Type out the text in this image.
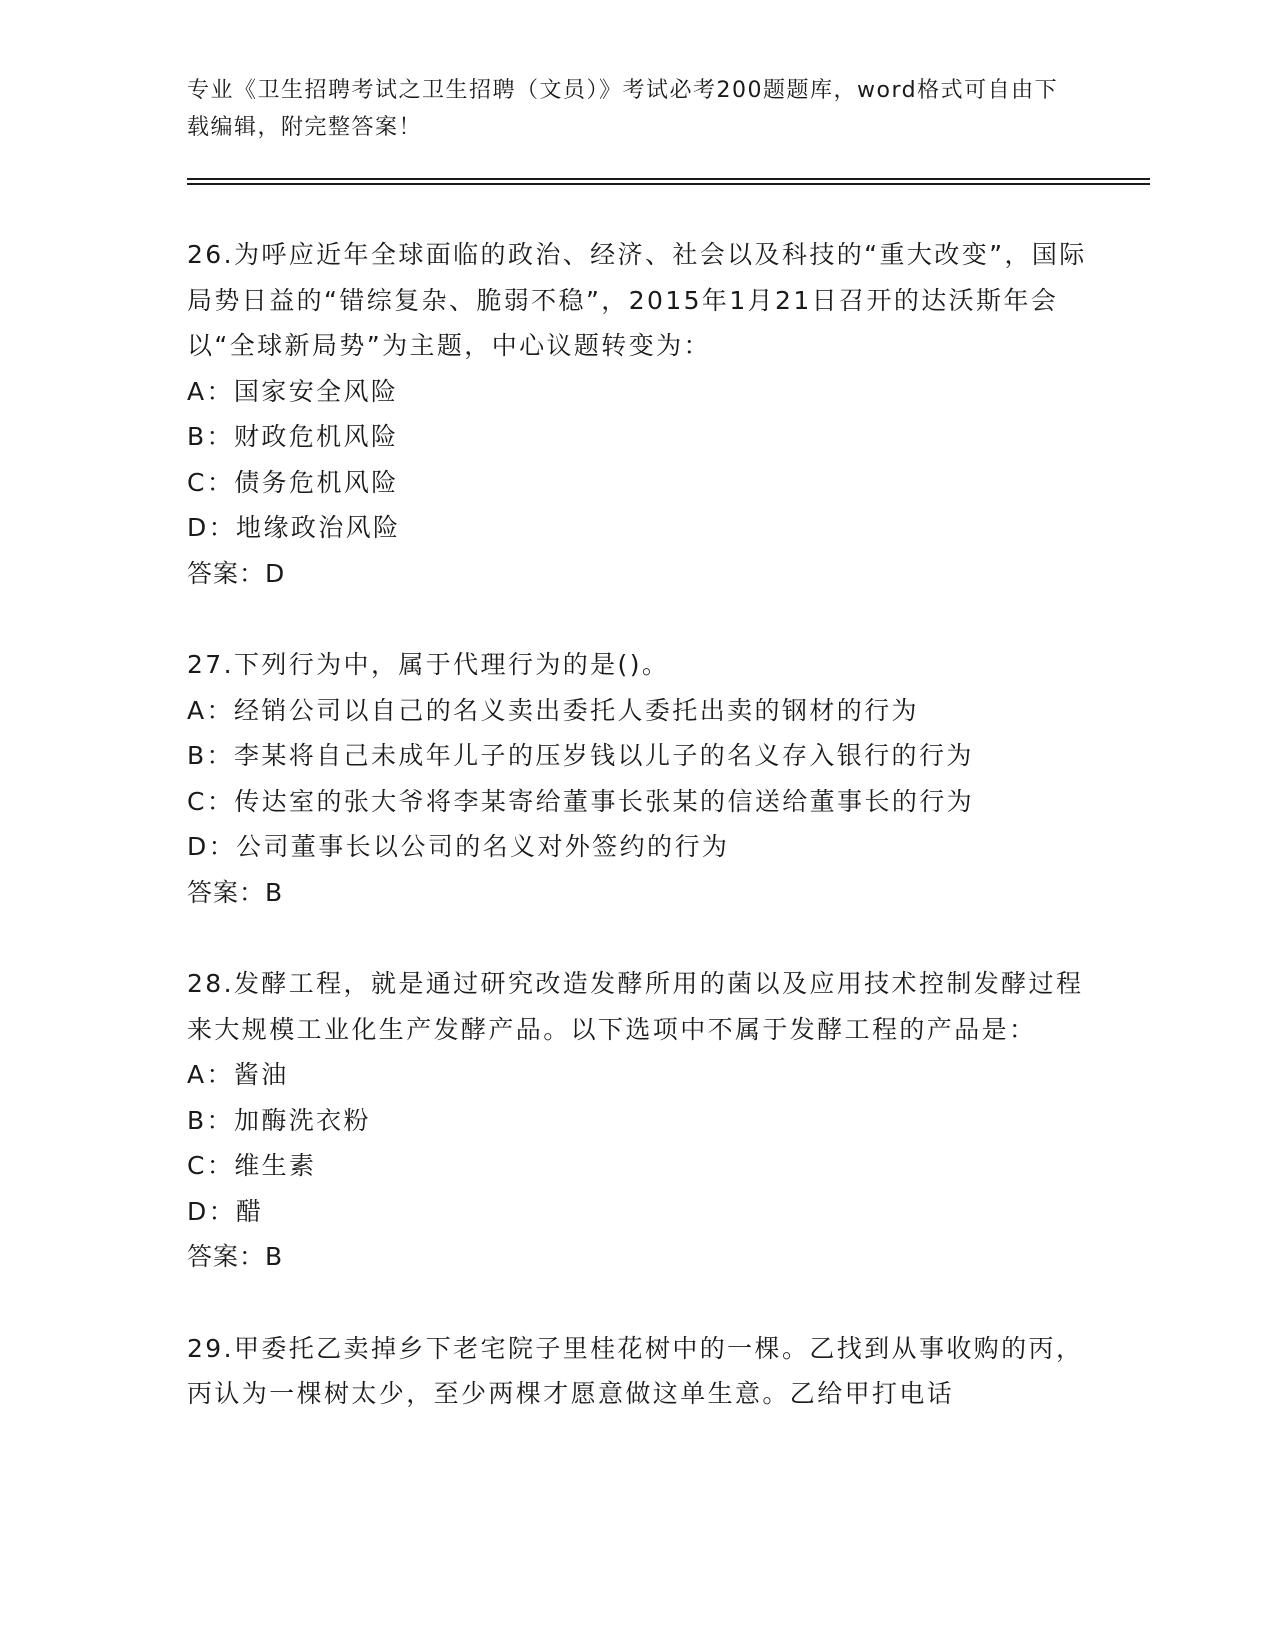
专业《卫生招聘考试之卫生招聘（文员）》考试必考200题题库，word格式可自由下载编辑，附完整答案！
26.为呼应近年全球面临的政治、经济、社会以及科技的“重大改变”，国际局势日益的“错综复杂、脆弱不稳”，2015年1月21日召开的达沃斯年会以“全球新局势”为主题，中心议题转变为：
A：国家安全风险
B：财政危机风险
C：债务危机风险
D：地缘政治风险
答案：D
27.下列行为中，属于代理行为的是()。
A：经销公司以自己的名义卖出委托人委托出卖的钢材的行为
B：李某将自己未成年儿子的压岁钱以儿子的名义存入银行的行为
C：传达室的张大爷将李某寄给董事长张某的信送给董事长的行为
D：公司董事长以公司的名义对外签约的行为
答案：B
28.发酵工程，就是通过研究改造发酵所用的菌以及应用技术控制发酵过程来大规模工业化生产发酵产品。以下选项中不属于发酵工程的产品是：
A：酱油
B：加酶洗衣粉
C：维生素
D：醋
答案：B
29.甲委托乙卖掉乡下老宅院子里桂花树中的一棵。乙找到从事收购的丙，丙认为一棵树太少，至少两棵才愿意做这单生意。乙给甲打电话
